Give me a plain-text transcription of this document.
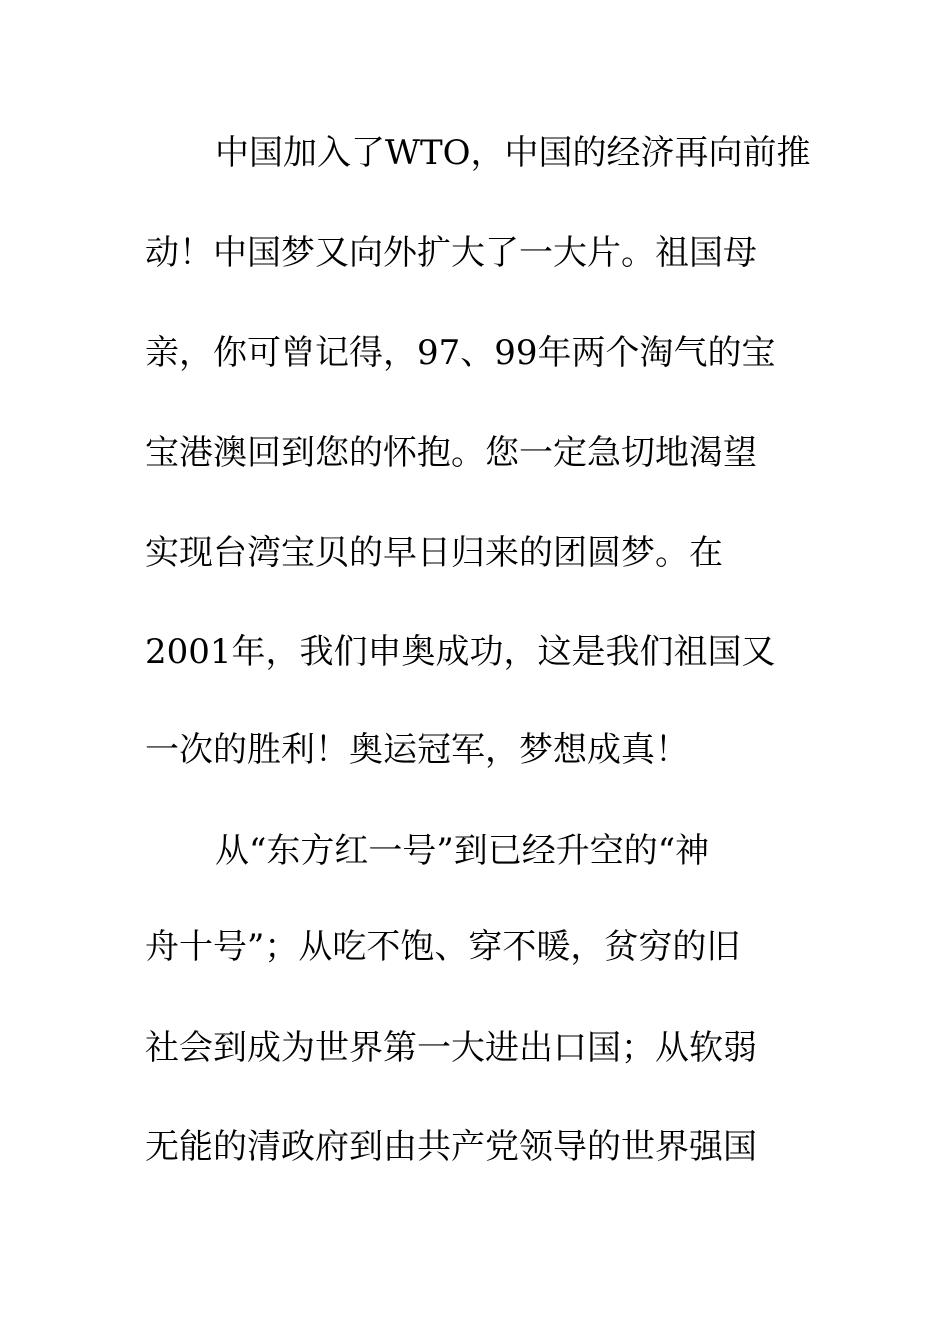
中国加入了WTO，中国的经济再向前推
动！中国梦又向外扩大了一大片。祖国母
亲，你可曾记得，97、99年两个淘气的宝
宝港澳回到您的怀抱。您一定急切地渴望
实现台湾宝贝的早日归来的团圆梦。在
2001年，我们申奥成功，这是我们祖国又
一次的胜利！奥运冠军，梦想成真！
从“东方红一号”到已经升空的“神
舟十号”；从吃不饱、穿不暖，贫穷的旧
社会到成为世界第一大进出口国；从软弱
无能的清政府到由共产党领导的世界强国
